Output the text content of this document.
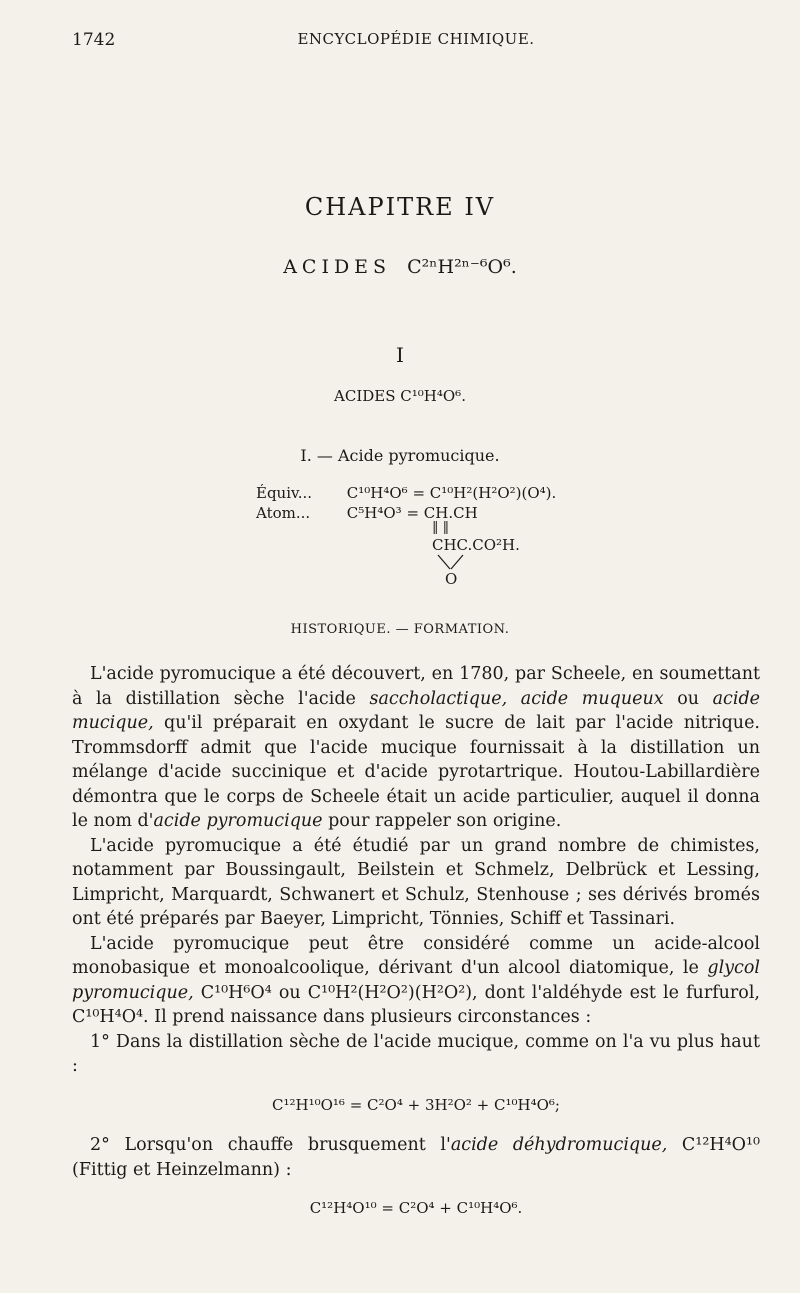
1742	ENCYCLOPÉDIE CHIMIQUE.
CHAPITRE IV
ACIDES C²ⁿH²ⁿ⁻⁶O⁶.
I
ACIDES C¹⁰H⁴O⁶.
I. — Acide pyromucique.
Équiv... C¹⁰H⁴O⁶ = C¹⁰H²(H²O²)(O⁴).
Atom... C⁵H⁴O³ = CH.CH
‖ ‖
CHC.CO²H.
O
HISTORIQUE. — FORMATION.

L'acide pyromucique a été découvert, en 1780, par Scheele, en soumettant à la distillation sèche l'acide saccholactique, acide muqueux ou acide mucique, qu'il préparait en oxydant le sucre de lait par l'acide nitrique. Trommsdorff admit que l'acide mucique fournissait à la distillation un mélange d'acide succinique et d'acide pyrotartrique. Houtou-Labillardière démontra que le corps de Scheele était un acide particulier, auquel il donna le nom d'acide pyromucique pour rappeler son origine.

L'acide pyromucique a été étudié par un grand nombre de chimistes, notamment par Boussingault, Beilstein et Schmelz, Delbrück et Lessing, Limpricht, Marquardt, Schwanert et Schulz, Stenhouse ; ses dérivés bromés ont été préparés par Baeyer, Limpricht, Tönnies, Schiff et Tassinari.

L'acide pyromucique peut être considéré comme un acide-alcool monobasique et monoalcoolique, dérivant d'un alcool diatomique, le glycol pyromucique, C¹⁰H⁶O⁴ ou C¹⁰H²(H²O²)(H²O²), dont l'aldéhyde est le furfurol, C¹⁰H⁴O⁴. Il prend naissance dans plusieurs circonstances :

1° Dans la distillation sèche de l'acide mucique, comme on l'a vu plus haut :

C¹²H¹⁰O¹⁶ = C²O⁴ + 3H²O² + C¹⁰H⁴O⁶;

2° Lorsqu'on chauffe brusquement l'acide déhydromucique, C¹²H⁴O¹⁰ (Fittig et Heinzelmann) :

C¹²H⁴O¹⁰ = C²O⁴ + C¹⁰H⁴O⁶.
